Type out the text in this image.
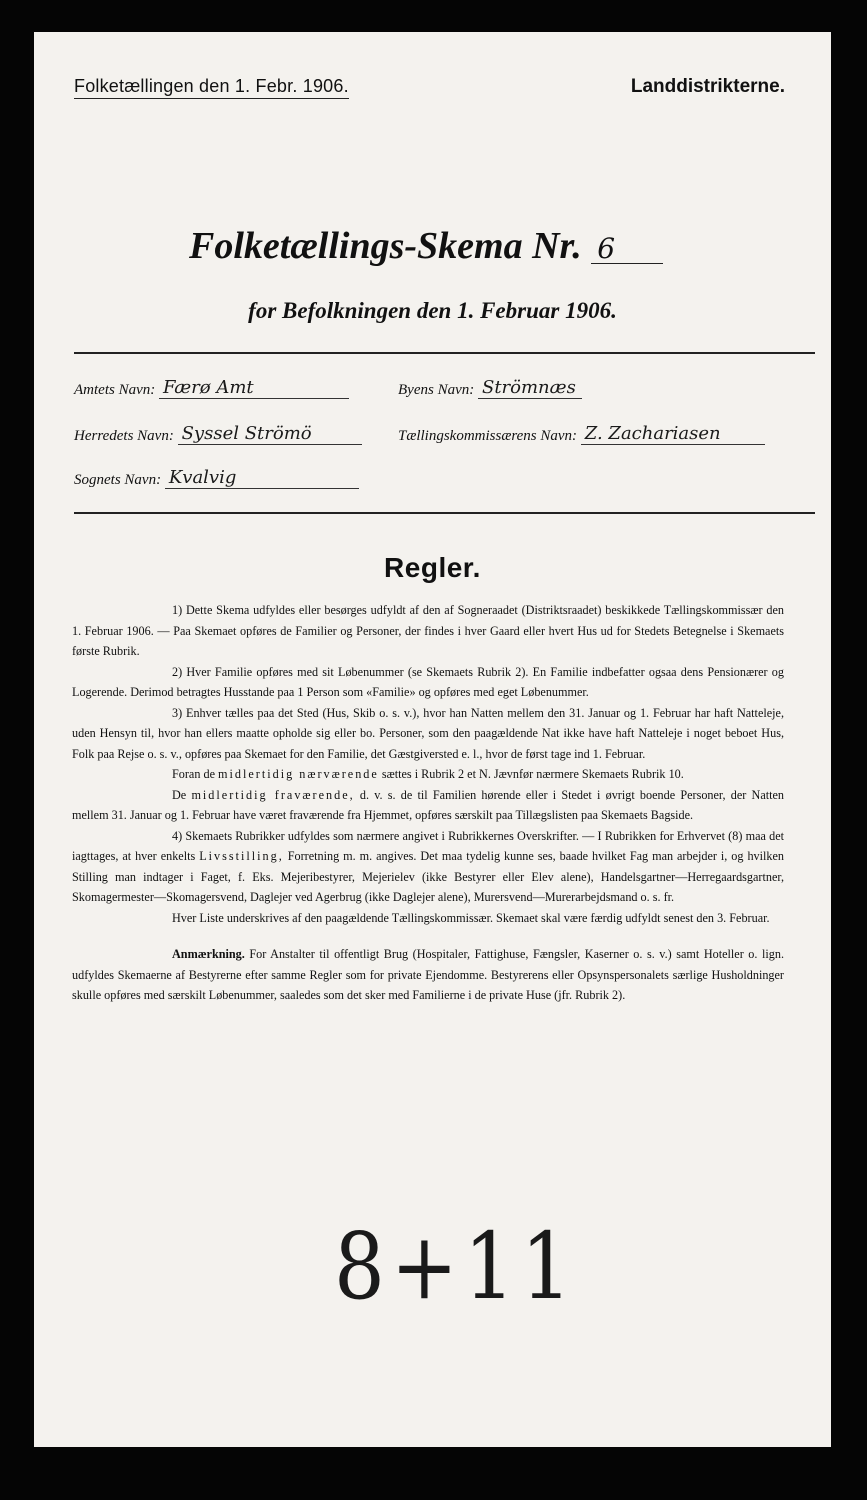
Folketællingen den 1. Febr. 1906.	Landdistrikterne.
Folketællings-Skema Nr. 6
for Befolkningen den 1. Februar 1906.
Amtets Navn: Færø Amt	Byens Navn: Strömnæs
Herredets Navn: Syssel Strömö	Tællingskommissærens Navn: Z. Zachariasen
Sognets Navn: Kvalvig
Regler.

1) Dette Skema udfyldes eller besørges udfyldt af den af Sogneraadet (Distriktsraadet) beskikkede Tællingskommissær den 1. Februar 1906. — Paa Skemaet opføres de Familier og Personer, der findes i hver Gaard eller hvert Hus ud for Stedets Betegnelse i Skemaets første Rubrik.

2) Hver Familie opføres med sit Løbenummer (se Skemaets Rubrik 2). En Familie indbefatter ogsaa dens Pensionærer og Logerende. Derimod betragtes Husstande paa 1 Person som «Familie» og opføres med eget Løbenummer.

3) Enhver tælles paa det Sted (Hus, Skib o. s. v.), hvor han Natten mellem den 31. Januar og 1. Februar har haft Natteleje, uden Hensyn til, hvor han ellers maatte opholde sig eller bo. Personer, som den paagældende Nat ikke have haft Natteleje i noget beboet Hus, Folk paa Rejse o. s. v., opføres paa Skemaet for den Familie, det Gæstgiversted e. l., hvor de først tage ind 1. Februar.

Foran de midlertidig nærværende sættes i Rubrik 2 et N. Jævnfør nærmere Skemaets Rubrik 10.

De midlertidig fraværende, d. v. s. de til Familien hørende eller i Stedet i øvrigt boende Personer, der Natten mellem 31. Januar og 1. Februar have været fraværende fra Hjemmet, opføres særskilt paa Tillægslisten paa Skemaets Bagside.

4) Skemaets Rubrikker udfyldes som nærmere angivet i Rubrikkernes Overskrifter. — I Rubrikken for Erhvervet (8) maa det iagttages, at hver enkelts Livsstilling, Forretning m. m. angives. Det maa tydelig kunne ses, baade hvilket Fag man arbejder i, og hvilken Stilling man indtager i Faget, f. Eks. Mejeribestyrer, Mejerielev (ikke Bestyrer eller Elev alene), Handelsgartner—Herregaardsgartner, Skomagermester—Skomagersvend, Daglejer ved Agerbrug (ikke Daglejer alene), Murersvend—Murerarbejdsmand o. s. fr.

Hver Liste underskrives af den paagældende Tællingskommissær. Skemaet skal være færdig udfyldt senest den 3. Februar.

Anmærkning. For Anstalter til offentligt Brug (Hospitaler, Fattighuse, Fængsler, Kaserner o. s. v.) samt Hoteller o. lign. udfyldes Skemaerne af Bestyrerne efter samme Regler som for private Ejendomme. Bestyrerens eller Opsynspersonalets særlige Husholdninger skulle opføres med særskilt Løbenummer, saaledes som det sker med Familierne i de private Huse (jfr. Rubrik 2).

8+11
